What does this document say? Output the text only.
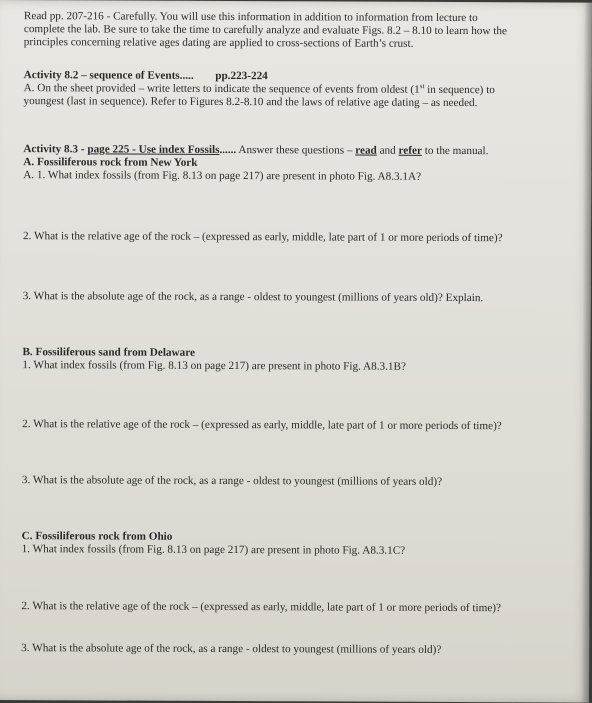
Read pp. 207-216 - Carefully. You will use this information in addition to information from lecture to
complete the lab. Be sure to take the time to carefully analyze and evaluate Figs. 8.2 – 8.10 to learn how the
principles concerning relative ages dating are applied to cross-sections of Earth’s crust.
Activity 8.2 – sequence of Events..... pp.223-224
A. On the sheet provided – write letters to indicate the sequence of events from oldest (1st in sequence) to
youngest (last in sequence). Refer to Figures 8.2-8.10 and the laws of relative age dating – as needed.
Activity 8.3 - page 225 - Use index Fossils...... Answer these questions – read and refer to the manual.
A. Fossiliferous rock from New York
A. 1. What index fossils (from Fig. 8.13 on page 217) are present in photo Fig. A8.3.1A?
2. What is the relative age of the rock – (expressed as early, middle, late part of 1 or more periods of time)?
3. What is the absolute age of the rock, as a range - oldest to youngest (millions of years old)? Explain.
B. Fossiliferous sand from Delaware
1. What index fossils (from Fig. 8.13 on page 217) are present in photo Fig. A8.3.1B?
2. What is the relative age of the rock – (expressed as early, middle, late part of 1 or more periods of time)?
3. What is the absolute age of the rock, as a range - oldest to youngest (millions of years old)?
C. Fossiliferous rock from Ohio
1. What index fossils (from Fig. 8.13 on page 217) are present in photo Fig. A8.3.1C?
2. What is the relative age of the rock – (expressed as early, middle, late part of 1 or more periods of time)?
3. What is the absolute age of the rock, as a range - oldest to youngest (millions of years old)?
